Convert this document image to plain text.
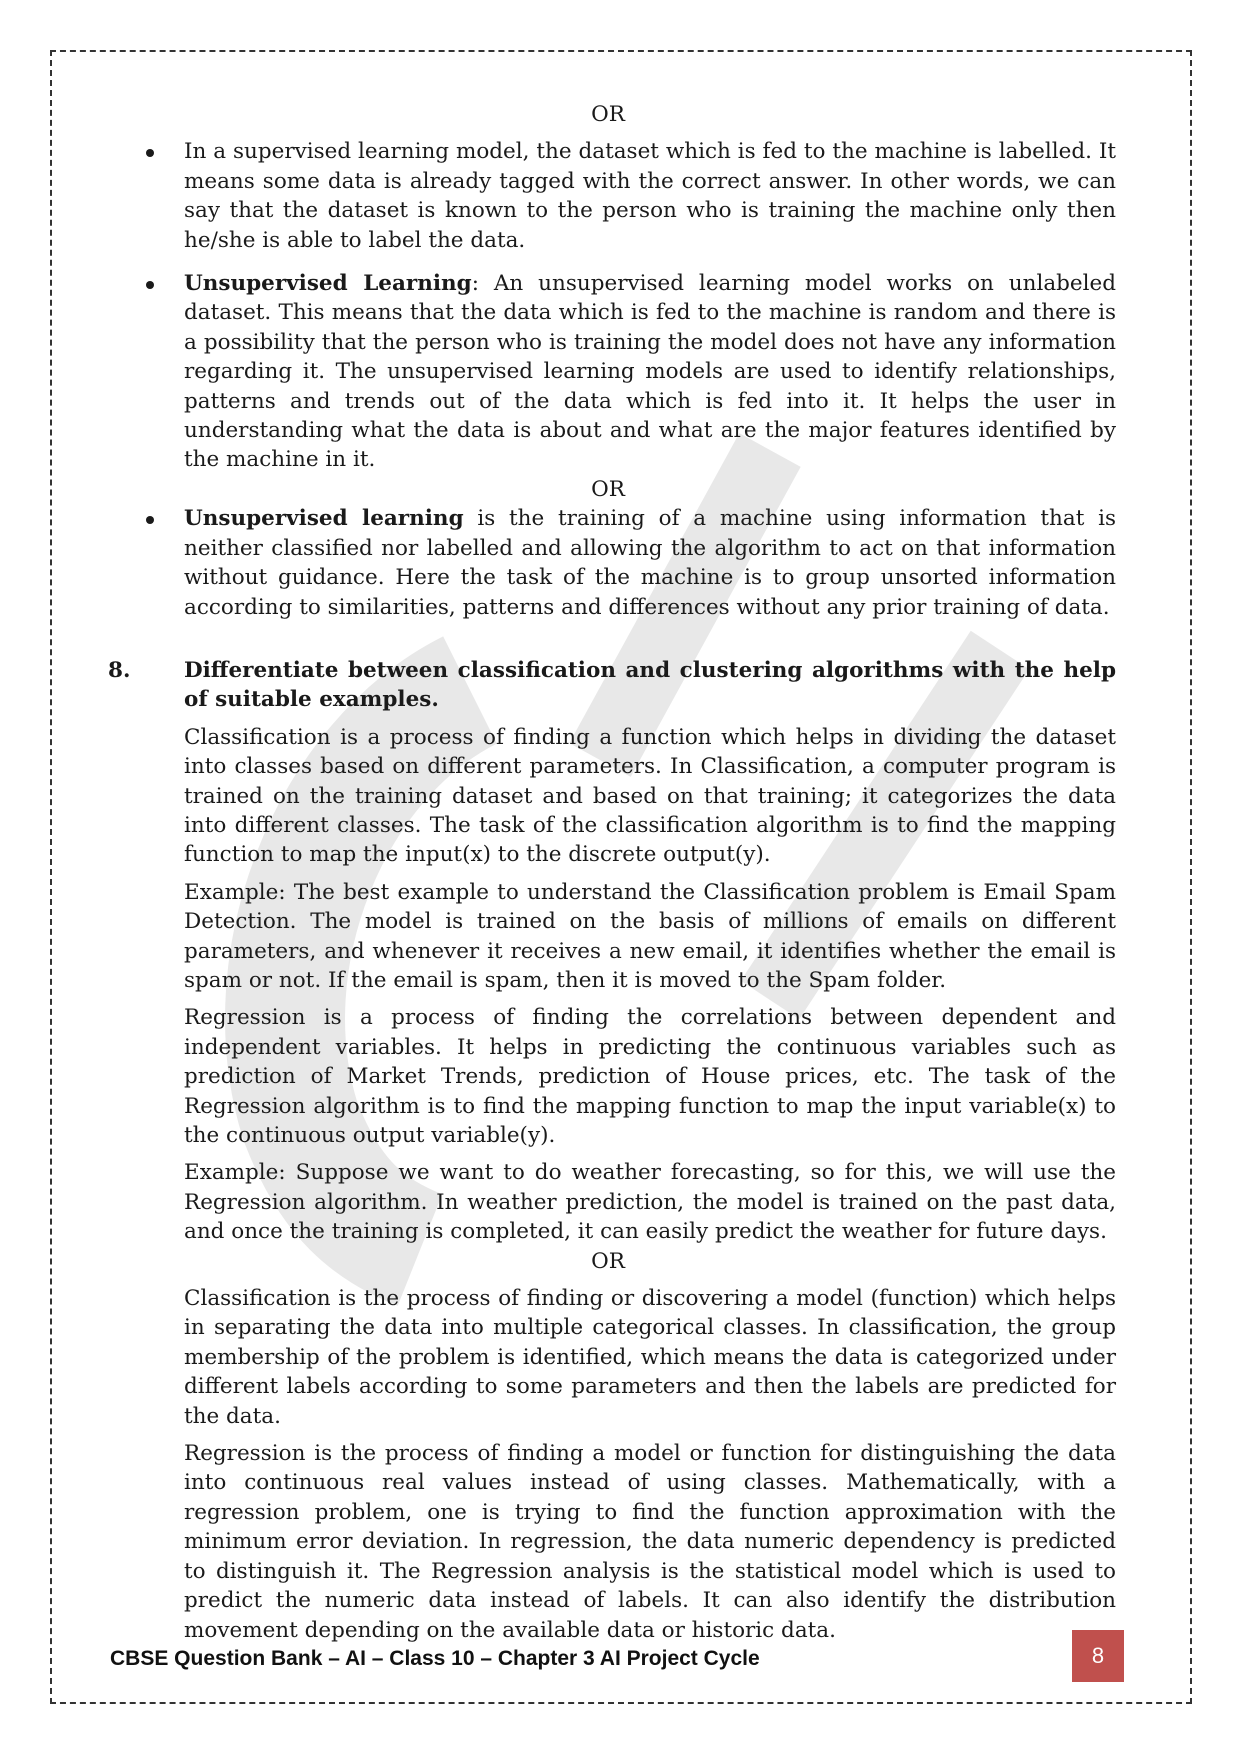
OR

In a supervised learning model, the dataset which is fed to the machine is labelled. It means some data is already tagged with the correct answer. In other words, we can say that the dataset is known to the person who is training the machine only then he/she is able to label the data.

Unsupervised Learning: An unsupervised learning model works on unlabeled dataset. This means that the data which is fed to the machine is random and there is a possibility that the person who is training the model does not have any information regarding it. The unsupervised learning models are used to identify relationships, patterns and trends out of the data which is fed into it. It helps the user in understanding what the data is about and what are the major features identified by the machine in it.

OR

Unsupervised learning is the training of a machine using information that is neither classified nor labelled and allowing the algorithm to act on that information without guidance. Here the task of the machine is to group unsorted information according to similarities, patterns and differences without any prior training of data.

8. Differentiate between classification and clustering algorithms with the help of suitable examples.

Classification is a process of finding a function which helps in dividing the dataset into classes based on different parameters. In Classification, a computer program is trained on the training dataset and based on that training; it categorizes the data into different classes. The task of the classification algorithm is to find the mapping function to map the input(x) to the discrete output(y).

Example: The best example to understand the Classification problem is Email Spam Detection. The model is trained on the basis of millions of emails on different parameters, and whenever it receives a new email, it identifies whether the email is spam or not. If the email is spam, then it is moved to the Spam folder.

Regression is a process of finding the correlations between dependent and independent variables. It helps in predicting the continuous variables such as prediction of Market Trends, prediction of House prices, etc. The task of the Regression algorithm is to find the mapping function to map the input variable(x) to the continuous output variable(y).

Example: Suppose we want to do weather forecasting, so for this, we will use the Regression algorithm. In weather prediction, the model is trained on the past data, and once the training is completed, it can easily predict the weather for future days.

OR

Classification is the process of finding or discovering a model (function) which helps in separating the data into multiple categorical classes. In classification, the group membership of the problem is identified, which means the data is categorized under different labels according to some parameters and then the labels are predicted for the data.

Regression is the process of finding a model or function for distinguishing the data into continuous real values instead of using classes. Mathematically, with a regression problem, one is trying to find the function approximation with the minimum error deviation. In regression, the data numeric dependency is predicted to distinguish it. The Regression analysis is the statistical model which is used to predict the numeric data instead of labels. It can also identify the distribution movement depending on the available data or historic data.

CBSE Question Bank – AI – Class 10 – Chapter 3 AI Project Cycle	8
